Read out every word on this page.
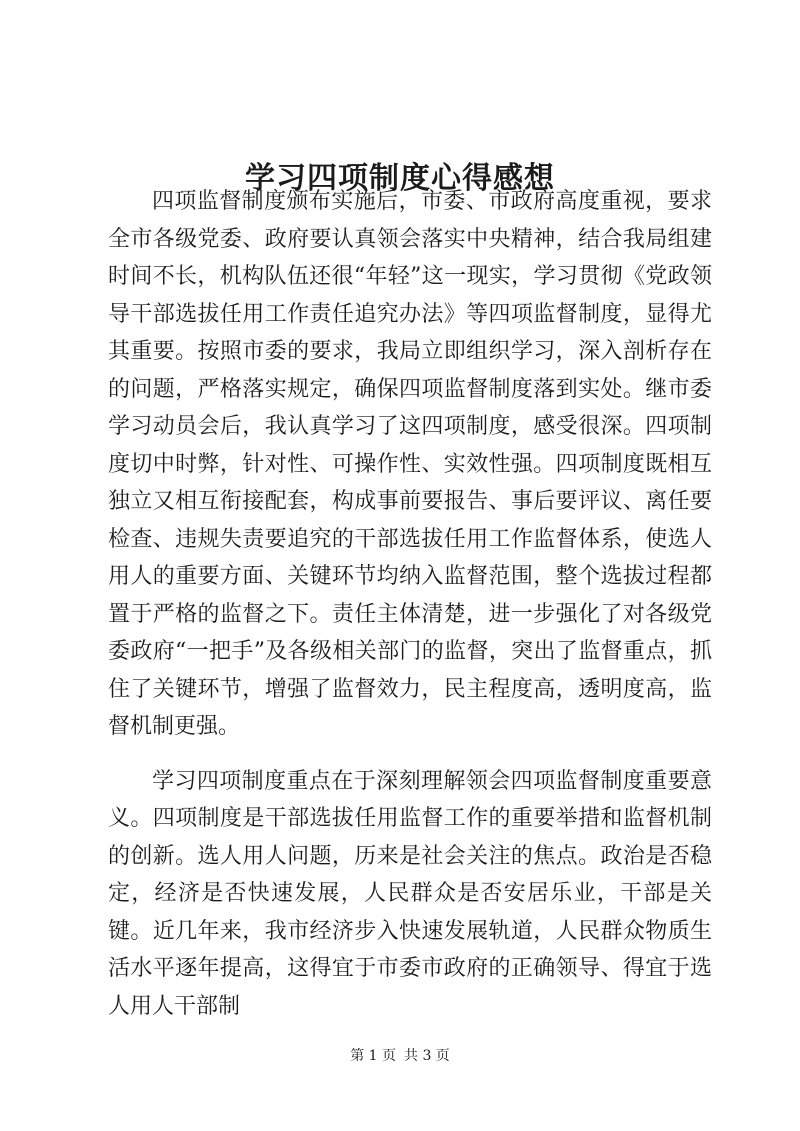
学习四项制度心得感想

四项监督制度颁布实施后，市委、市政府高度重视，要求全市各级党委、政府要认真领会落实中央精神，结合我局组建时间不长，机构队伍还很“年轻”这一现实，学习贯彻《党政领导干部选拔任用工作责任追究办法》等四项监督制度，显得尤其重要。按照市委的要求，我局立即组织学习，深入剖析存在的问题，严格落实规定，确保四项监督制度落到实处。继市委学习动员会后，我认真学习了这四项制度，感受很深。四项制度切中时弊，针对性、可操作性、实效性强。四项制度既相互独立又相互衔接配套，构成事前要报告、事后要评议、离任要检查、违规失责要追究的干部选拔任用工作监督体系，使选人用人的重要方面、关键环节均纳入监督范围，整个选拔过程都置于严格的监督之下。责任主体清楚，进一步强化了对各级党委政府“一把手”及各级相关部门的监督，突出了监督重点，抓住了关键环节，增强了监督效力，民主程度高，透明度高，监督机制更强。

学习四项制度重点在于深刻理解领会四项监督制度重要意义。四项制度是干部选拔任用监督工作的重要举措和监督机制的创新。选人用人问题，历来是社会关注的焦点。政治是否稳定，经济是否快速发展，人民群众是否安居乐业，干部是关键。近几年来，我市经济步入快速发展轨道，人民群众物质生活水平逐年提高，这得宜于市委市政府的正确领导、得宜于选人用人干部制

第 1 页 共 3 页
